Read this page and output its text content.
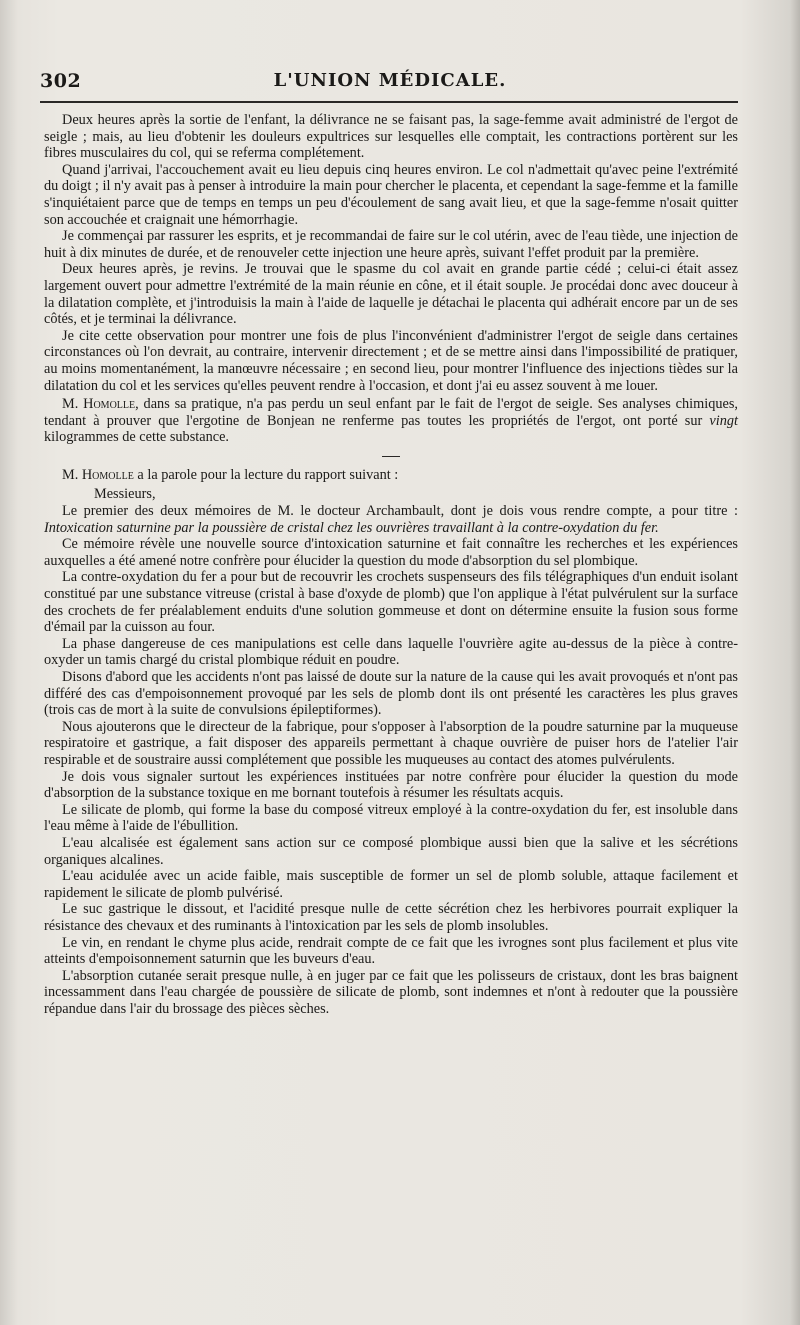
302	L'UNION MÉDICALE.

Deux heures après la sortie de l'enfant, la délivrance ne se faisant pas, la sage-femme avait administré de l'ergot de seigle ; mais, au lieu d'obtenir les douleurs expultrices sur lesquelles elle comptait, les contractions portèrent sur les fibres musculaires du col, qui se referma complétement.

Quand j'arrivai, l'accouchement avait eu lieu depuis cinq heures environ. Le col n'admettait qu'avec peine l'extrémité du doigt ; il n'y avait pas à penser à introduire la main pour chercher le placenta, et cependant la sage-femme et la famille s'inquiétaient parce que de temps en temps un peu d'écoulement de sang avait lieu, et que la sage-femme n'osait quitter son accouchée et craignait une hémorrhagie.

Je commençai par rassurer les esprits, et je recommandai de faire sur le col utérin, avec de l'eau tiède, une injection de huit à dix minutes de durée, et de renouveler cette injection une heure après, suivant l'effet produit par la première.

Deux heures après, je revins. Je trouvai que le spasme du col avait en grande partie cédé ; celui-ci était assez largement ouvert pour admettre l'extrémité de la main réunie en cône, et il était souple. Je procédai donc avec douceur à la dilatation complète, et j'introduisis la main à l'aide de laquelle je détachai le placenta qui adhérait encore par un de ses côtés, et je terminai la délivrance.

Je cite cette observation pour montrer une fois de plus l'inconvénient d'administrer l'ergot de seigle dans certaines circonstances où l'on devrait, au contraire, intervenir directement ; et de se mettre ainsi dans l'impossibilité de pratiquer, au moins momentanément, la manœuvre nécessaire ; en second lieu, pour montrer l'influence des injections tièdes sur la dilatation du col et les services qu'elles peuvent rendre à l'occasion, et dont j'ai eu assez souvent à me louer.

M. Homolle, dans sa pratique, n'a pas perdu un seul enfant par le fait de l'ergot de seigle. Ses analyses chimiques, tendant à prouver que l'ergotine de Bonjean ne renferme pas toutes les propriétés de l'ergot, ont porté sur vingt kilogrammes de cette substance.

M. Homolle a la parole pour la lecture du rapport suivant :

Messieurs,

Le premier des deux mémoires de M. le docteur Archambault, dont je dois vous rendre compte, a pour titre : Intoxication saturnine par la poussière de cristal chez les ouvrières travaillant à la contre-oxydation du fer.

Ce mémoire révèle une nouvelle source d'intoxication saturnine et fait connaître les recherches et les expériences auxquelles a été amené notre confrère pour élucider la question du mode d'absorption du sel plombique.

La contre-oxydation du fer a pour but de recouvrir les crochets suspenseurs des fils télégraphiques d'un enduit isolant constitué par une substance vitreuse (cristal à base d'oxyde de plomb) que l'on applique à l'état pulvérulent sur la surface des crochets de fer préalablement enduits d'une solution gommeuse et dont on détermine ensuite la fusion sous forme d'émail par la cuisson au four.

La phase dangereuse de ces manipulations est celle dans laquelle l'ouvrière agite au-dessus de la pièce à contre-oxyder un tamis chargé du cristal plombique réduit en poudre.

Disons d'abord que les accidents n'ont pas laissé de doute sur la nature de la cause qui les avait provoqués et n'ont pas différé des cas d'empoisonnement provoqué par les sels de plomb dont ils ont présenté les caractères les plus graves (trois cas de mort à la suite de convulsions épileptiformes).

Nous ajouterons que le directeur de la fabrique, pour s'opposer à l'absorption de la poudre saturnine par la muqueuse respiratoire et gastrique, a fait disposer des appareils permettant à chaque ouvrière de puiser hors de l'atelier l'air respirable et de soustraire aussi complétement que possible les muqueuses au contact des atomes pulvérulents.

Je dois vous signaler surtout les expériences instituées par notre confrère pour élucider la question du mode d'absorption de la substance toxique en me bornant toutefois à résumer les résultats acquis.

Le silicate de plomb, qui forme la base du composé vitreux employé à la contre-oxydation du fer, est insoluble dans l'eau même à l'aide de l'ébullition.

L'eau alcalisée est également sans action sur ce composé plombique aussi bien que la salive et les sécrétions organiques alcalines.

L'eau acidulée avec un acide faible, mais susceptible de former un sel de plomb soluble, attaque facilement et rapidement le silicate de plomb pulvérisé.

Le suc gastrique le dissout, et l'acidité presque nulle de cette sécrétion chez les herbivores pourrait expliquer la résistance des chevaux et des ruminants à l'intoxication par les sels de plomb insolubles.

Le vin, en rendant le chyme plus acide, rendrait compte de ce fait que les ivrognes sont plus facilement et plus vite atteints d'empoisonnement saturnin que les buveurs d'eau.

L'absorption cutanée serait presque nulle, à en juger par ce fait que les polisseurs de cristaux, dont les bras baignent incessamment dans l'eau chargée de poussière de silicate de plomb, sont indemnes et n'ont à redouter que la poussière répandue dans l'air du brossage des pièces sèches.
